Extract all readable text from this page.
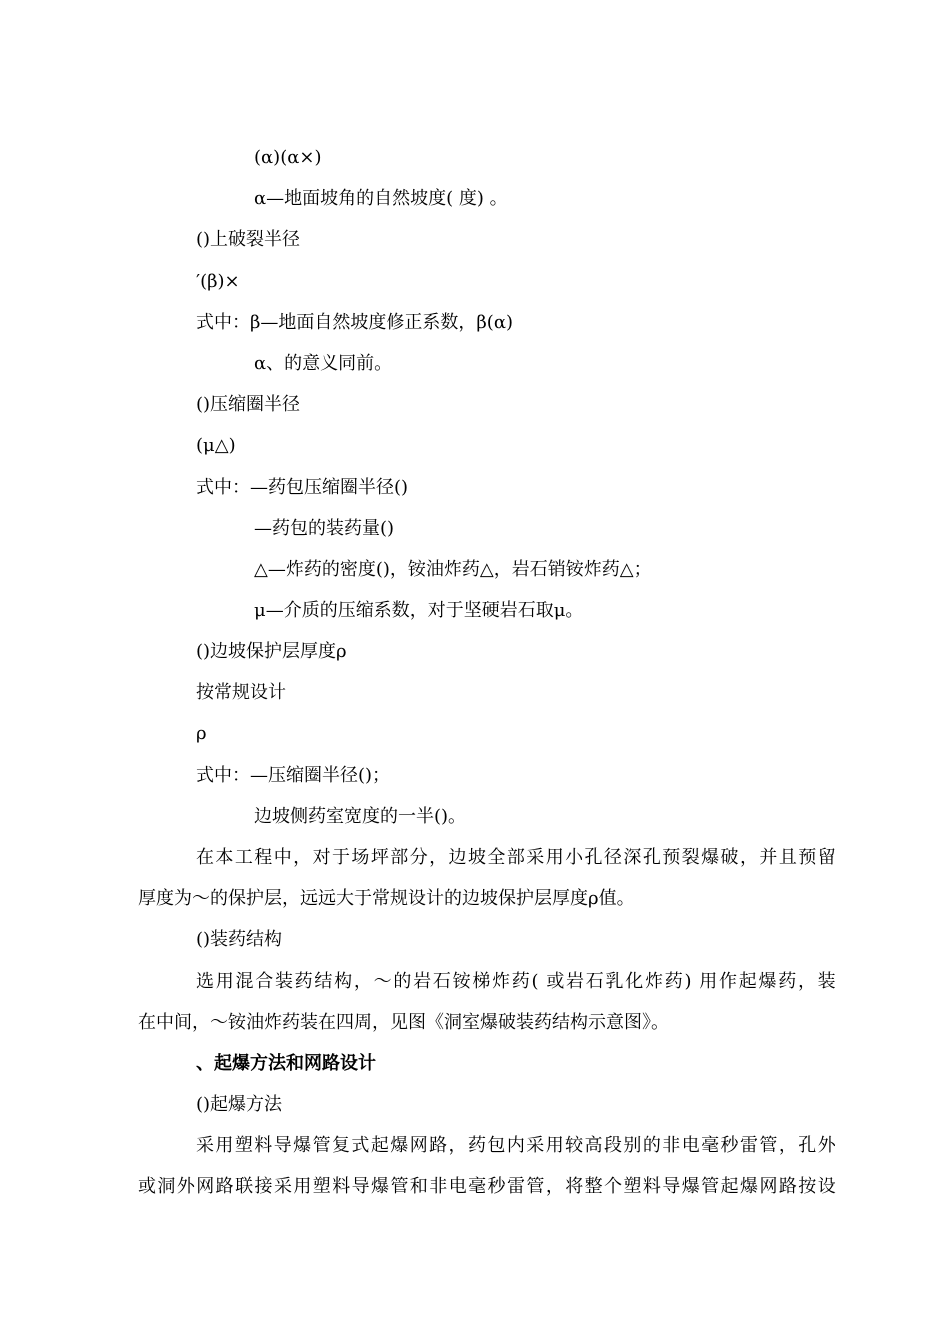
(α)(α×)
α—地面坡角的自然坡度( 度) 。
()上破裂半径
′(β)×
式中：β—地面自然坡度修正系数，β(α)
α、的意义同前。
()压缩圈半径
(μ△)
式中：—药包压缩圈半径()
—药包的装药量()
△—炸药的密度()，铵油炸药△，岩石销铵炸药△；
μ—介质的压缩系数，对于坚硬岩石取μ。
()边坡保护层厚度ρ
按常规设计
ρ
式中：—压缩圈半径()；
边坡侧药室宽度的一半()。
在本工程中，对于场坪部分，边坡全部采用小孔径深孔预裂爆破，并且预留
厚度为～的保护层，远远大于常规设计的边坡保护层厚度ρ值。
()装药结构
选用混合装药结构，～的岩石铵梯炸药( 或岩石乳化炸药) 用作起爆药，装
在中间，～铵油炸药装在四周，见图《洞室爆破装药结构示意图》。
、起爆方法和网路设计
()起爆方法
采用塑料导爆管复式起爆网路，药包内采用较高段别的非电毫秒雷管，孔外
或洞外网路联接采用塑料导爆管和非电毫秒雷管，将整个塑料导爆管起爆网路按设
